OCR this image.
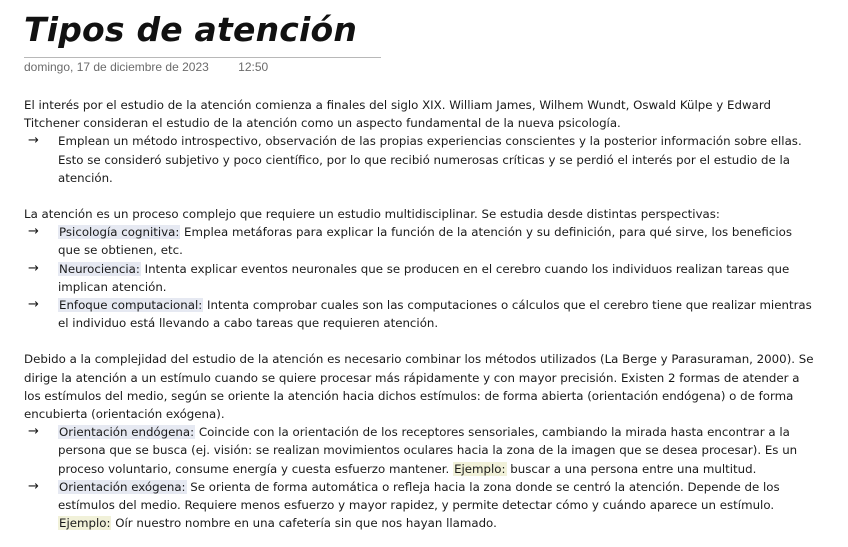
Tipos de atención
domingo, 17 de diciembre de 2023 12:50

El interés por el estudio de la atención comienza a finales del siglo XIX. William James, Wilhem Wundt, Oswald Külpe y Edward Titchener consideran el estudio de la atención como un aspecto fundamental de la nueva psicología.

→ Emplean un método introspectivo, observación de las propias experiencias conscientes y la posterior información sobre ellas. Esto se consideró subjetivo y poco científico, por lo que recibió numerosas críticas y se perdió el interés por el estudio de la atención.

La atención es un proceso complejo que requiere un estudio multidisciplinar. Se estudia desde distintas perspectivas:

→ Psicología cognitiva: Emplea metáforas para explicar la función de la atención y su definición, para qué sirve, los beneficios que se obtienen, etc.
→ Neurociencia: Intenta explicar eventos neuronales que se producen en el cerebro cuando los individuos realizan tareas que implican atención.
→ Enfoque computacional: Intenta comprobar cuales son las computaciones o cálculos que el cerebro tiene que realizar mientras el individuo está llevando a cabo tareas que requieren atención.

Debido a la complejidad del estudio de la atención es necesario combinar los métodos utilizados (La Berge y Parasuraman, 2000). Se dirige la atención a un estímulo cuando se quiere procesar más rápidamente y con mayor precisión. Existen 2 formas de atender a los estímulos del medio, según se oriente la atención hacia dichos estímulos: de forma abierta (orientación endógena) o de forma encubierta (orientación exógena).

→ Orientación endógena: Coincide con la orientación de los receptores sensoriales, cambiando la mirada hasta encontrar a la persona que se busca (ej. visión: se realizan movimientos oculares hacia la zona de la imagen que se desea procesar). Es un proceso voluntario, consume energía y cuesta esfuerzo mantener. Ejemplo: buscar a una persona entre una multitud.
→ Orientación exógena: Se orienta de forma automática o refleja hacia la zona donde se centró la atención. Depende de los estímulos del medio. Requiere menos esfuerzo y mayor rapidez, y permite detectar cómo y cuándo aparece un estímulo. Ejemplo: Oír nuestro nombre en una cafetería sin que nos hayan llamado.
